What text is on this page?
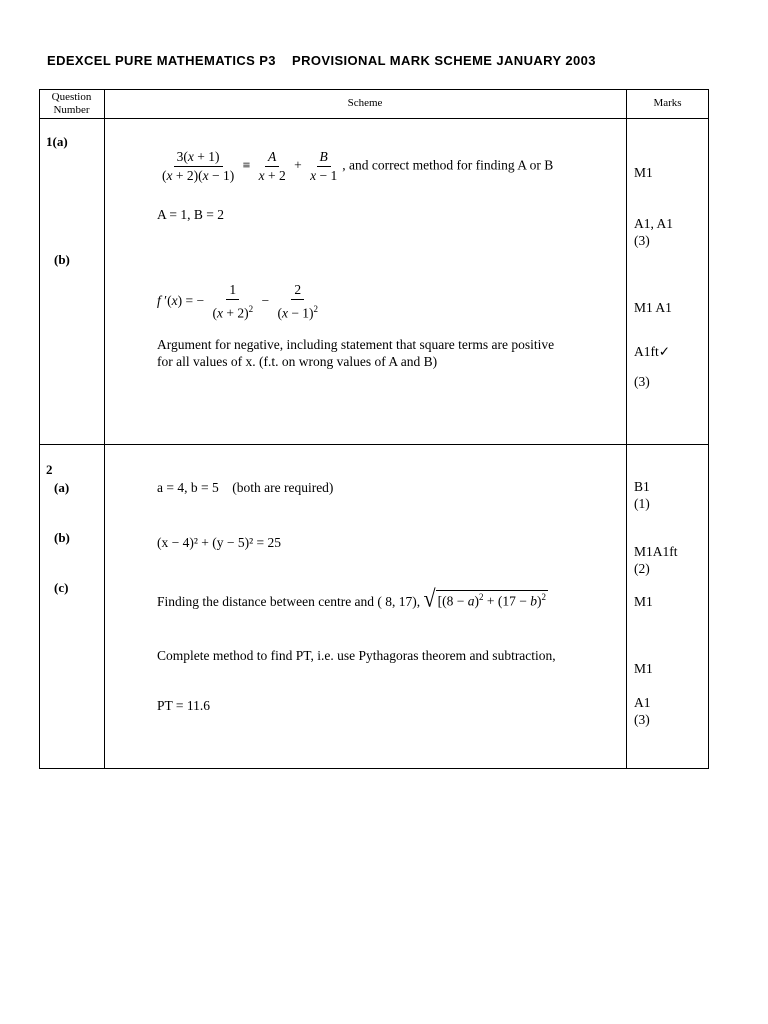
EDEXCEL PURE MATHEMATICS P3 PROVISIONAL MARK SCHEME JANUARY 2003
Question
Number
Scheme	Marks
1(a)
(b)
$\frac{3(x + 1)}{(x + 2)(x - 1)} \equiv \frac{A}{x + 2} + \frac{B}{x - 1}$ , and correct method for finding A or B
A = 1, B = 2
f ′(x) = − $\frac{1}{(x + 2)^2} - \frac{2}{(x - 1)^2}$
Argument for negative, including statement that square terms are positive
for all values of x. (f.t. on wrong values of A and B)
M1
A1, A1
(3)
M1 A1
A1ft✓
(3)
2
(a)
(b)
(c)
a = 4, b = 5 (both are required)
(x − 4)² + (y − 5)² = 25
Finding the distance between centre and ( 8, 17), √ [$(8 - a)^2 + (17 - b)^2$
Complete method to find PT, i.e. use Pythagoras theorem and subtraction,
PT = 11.6
B1
(1)
M1A1ft
(2)
M1
M1
A1
(3)
